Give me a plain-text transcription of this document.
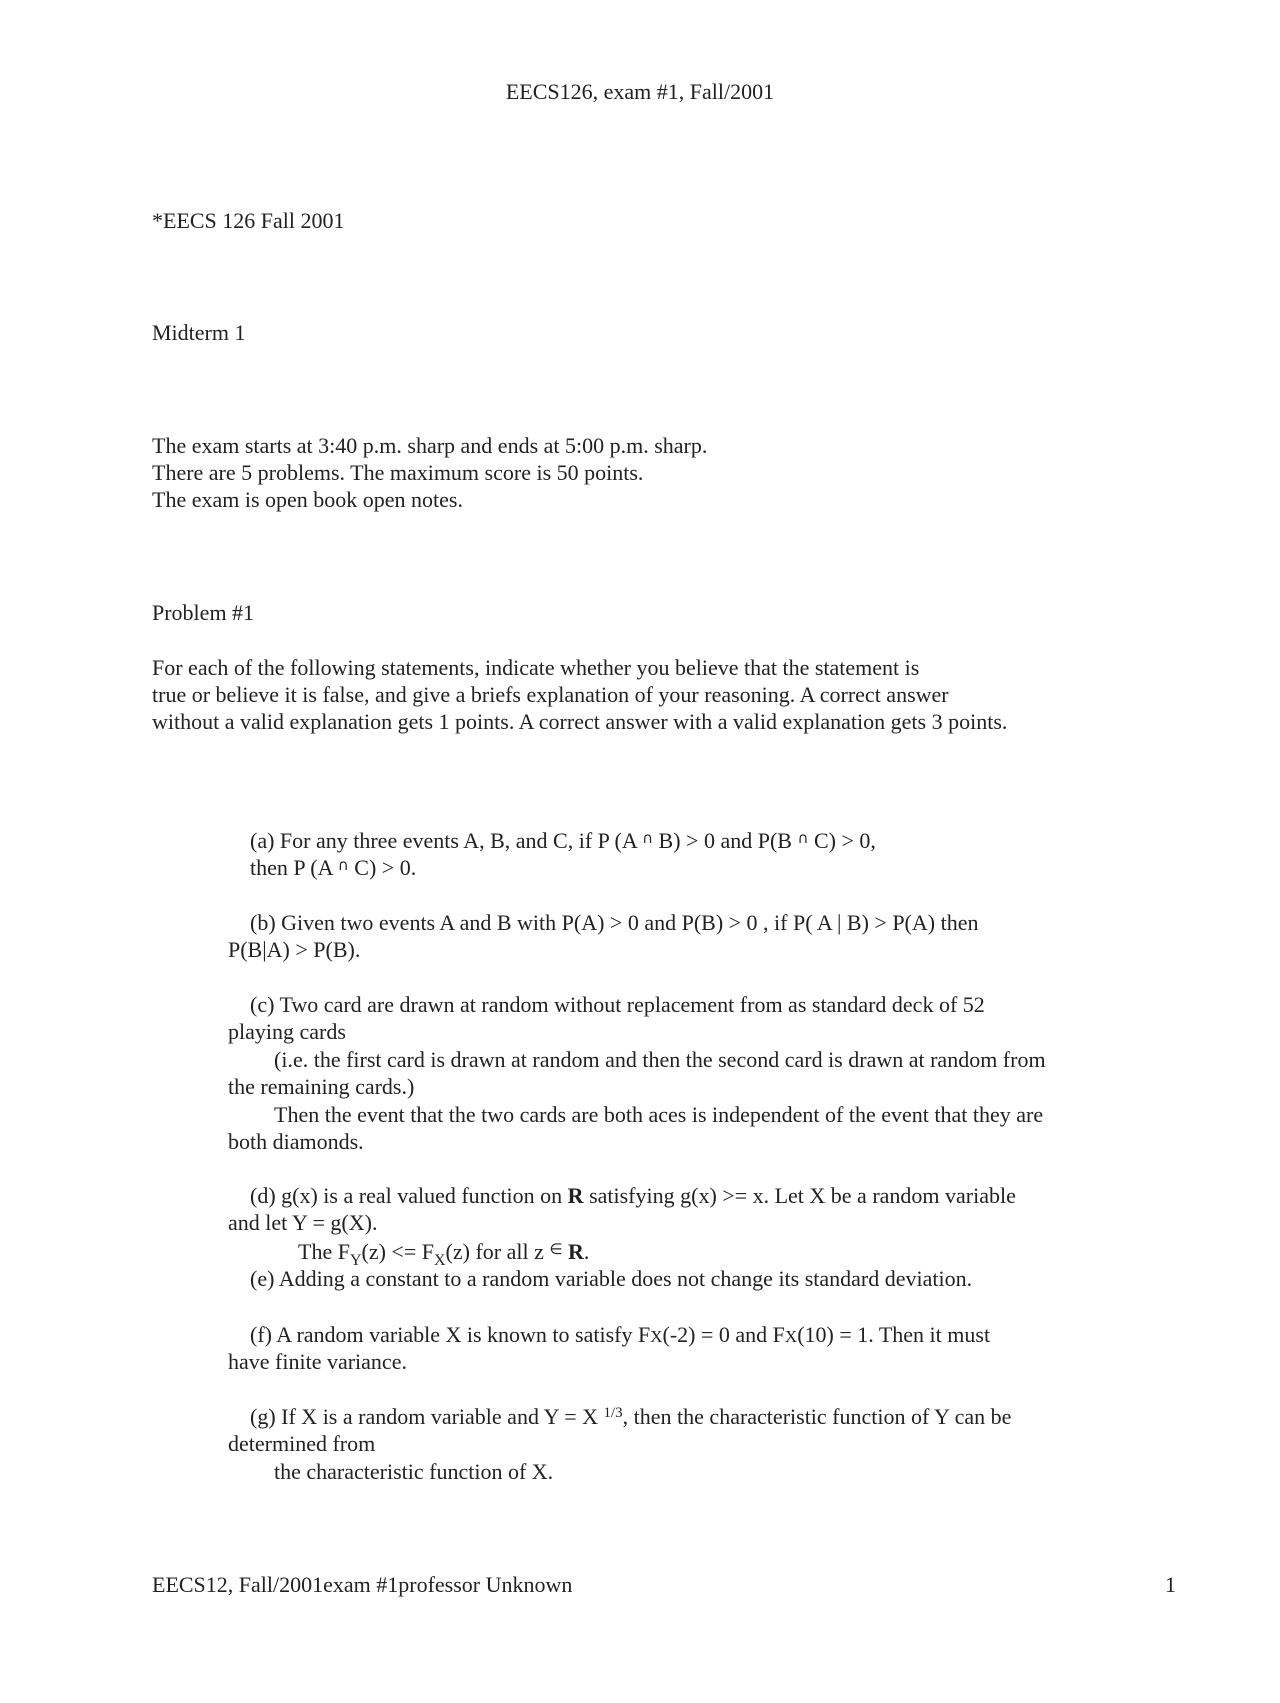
EECS126, exam #1, Fall/2001

*EECS 126 Fall 2001

Midterm 1

The exam starts at 3:40 p.m. sharp and ends at 5:00 p.m. sharp.

There are 5 problems. The maximum score is 50 points.

The exam is open book open notes.

Problem #1

For each of the following statements, indicate whether you believe that the statement is

true or believe it is false, and give a briefs explanation of your reasoning. A correct answer

without a valid explanation gets 1 points. A correct answer with a valid explanation gets 3 points.

(a) For any three events A, B, and C, if P (A ∩ B) > 0 and P(B ∩ C) > 0,

then P (A ∩ C) > 0.

(b) Given two events A and B with P(A) > 0 and P(B) > 0 , if P( A | B) > P(A) then

P(B|A) > P(B).

(c) Two card are drawn at random without replacement from as standard deck of 52

playing cards

(i.e. the first card is drawn at random and then the second card is drawn at random from

the remaining cards.)

Then the event that the two cards are both aces is independent of the event that they are

both diamonds.

(d) g(x) is a real valued function on R satisfying g(x) >= x. Let X be a random variable

and let Y = g(X).

The $F_Y(z) <= F_X(z)$ for all z ∈ R.

(e) Adding a constant to a random variable does not change its standard deviation.

(f) A random variable X is known to satisfy FX(-2) = 0 and FX(10) = 1. Then it must

have finite variance.

(g) If X is a random variable and Y = X $^{1/3}$, then the characteristic function of Y can be

determined from

the characteristic function of X.

EECS12, Fall/2001exam #1professor Unknown	1
